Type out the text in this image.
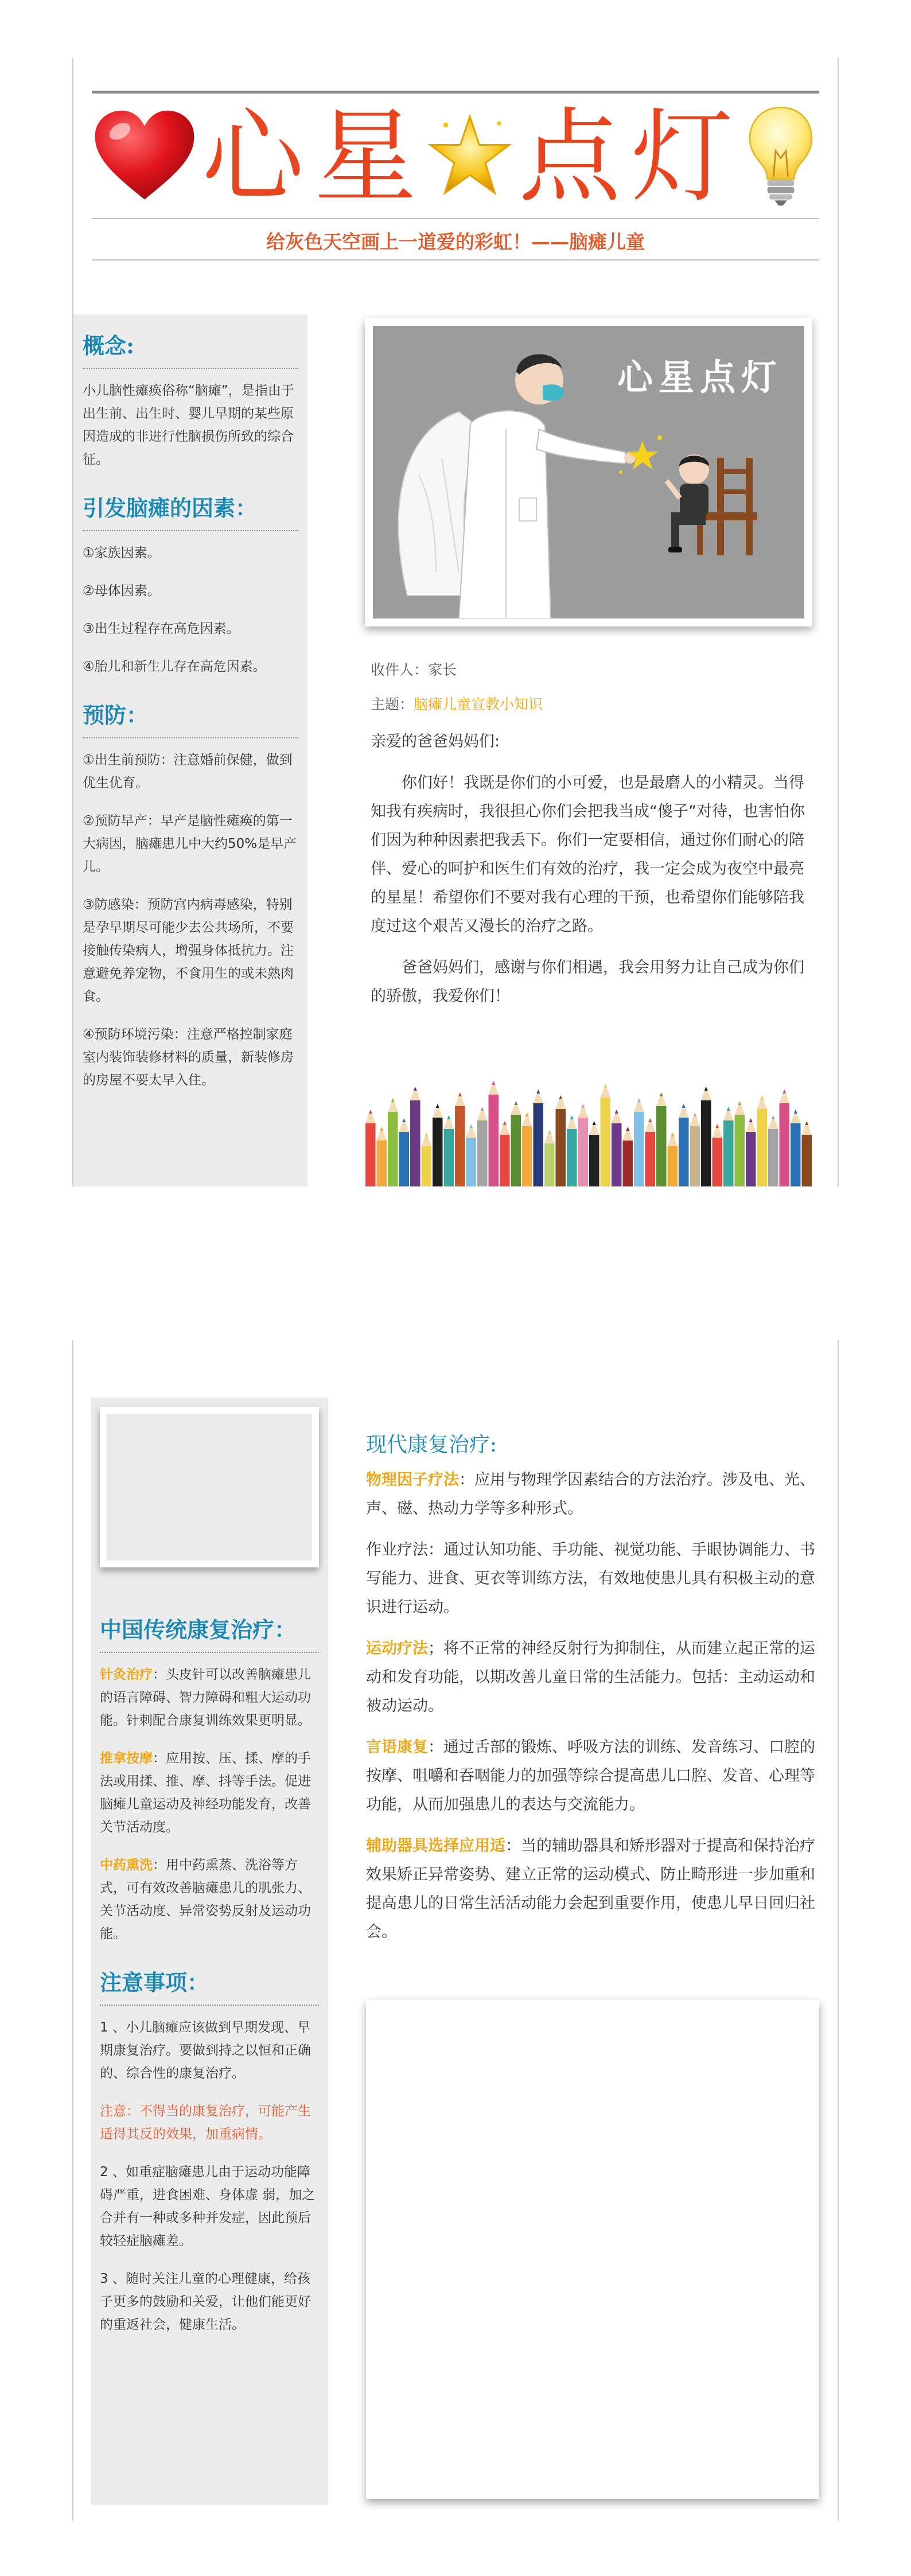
心 星 点 灯
给灰色天空画上一道爱的彩虹！——脑瘫儿童
概念:
小儿脑性瘫痪俗称“脑瘫”，是指由于出生前、出生时、婴儿早期的某些原因造成的非进行性脑损伤所致的综合征。
引发脑瘫的因素：
①家族因素。
②母体因素。
③出生过程存在高危因素。
④胎儿和新生儿存在高危因素。
预防：
①出生前预防：注意婚前保健，做到优生优育。
②预防早产：早产是脑性瘫痪的第一大病因，脑瘫患儿中大约50%是早产儿。
③防感染：预防宫内病毒感染，特别是孕早期尽可能少去公共场所，不要接触传染病人，增强身体抵抗力。注意避免养宠物，不食用生的或未熟肉食。
④预防环境污染：注意严格控制家庭室内装饰装修材料的质量，新装修房的房屋不要太早入住。
心星点灯
收件人：家长
主题：脑瘫儿童宣教小知识
亲爱的爸爸妈妈们:
你们好！我既是你们的小可爱，也是最磨人的小精灵。当得知我有疾病时，我很担心你们会把我当成“傻子”对待，也害怕你们因为种种因素把我丢下。你们一定要相信，通过你们耐心的陪伴、爱心的呵护和医生们有效的治疗，我一定会成为夜空中最亮的星星！希望你们不要对我有心理的干预，也希望你们能够陪我度过这个艰苦又漫长的治疗之路。
爸爸妈妈们，感谢与你们相遇，我会用努力让自己成为你们的骄傲，我爱你们！
中国传统康复治疗：
针灸治疗：头皮针可以改善脑瘫患儿的语言障碍、智力障碍和粗大运动功能。针刺配合康复训练效果更明显。
推拿按摩：应用按、压、揉、摩的手法或用揉、推、摩、抖等手法。促进脑瘫儿童运动及神经功能发育，改善关节活动度。
中药熏洗：用中药熏蒸、洗浴等方式，可有效改善脑瘫患儿的肌张力、关节活动度、异常姿势反射及运动功能。
注意事项：
1 、小儿脑瘫应该做到早期发现、早期康复治疗。要做到持之以恒和正确的、综合性的康复治疗。
注意：不得当的康复治疗，可能产生适得其反的效果，加重病情。
2 、如重症脑瘫患儿由于运动功能障碍严重，进食困难、身体虚 弱，加之合并有一种或多种并发症，因此预后较轻症脑瘫差。
3 、随时关注儿童的心理健康，给孩子更多的鼓励和关爱，让他们能更好的重返社会，健康生活。
现代康复治疗:
物理因子疗法：应用与物理学因素结合的方法治疗。涉及电、光、声、磁、热动力学等多种形式。
作业疗法：通过认知功能、手功能、视觉功能、手眼协调能力、书写能力、进食、更衣等训练方法，有效地使患儿具有积极主动的意识进行运动。
运动疗法；将不正常的神经反射行为抑制住，从而建立起正常的运动和发育功能，以期改善儿童日常的生活能力。包括：主动运动和被动运动。
言语康复：通过舌部的锻炼、呼吸方法的训练、发音练习、口腔的按摩、咀嚼和吞咽能力的加强等综合提高患儿口腔、发音、心理等功能，从而加强患儿的表达与交流能力。
辅助器具选择应用适：当的辅助器具和矫形器对于提高和保持治疗效果矫正异常姿势、建立正常的运动模式、防止畸形进一步加重和提高患儿的日常生活活动能力会起到重要作用，使患儿早日回归社会。
